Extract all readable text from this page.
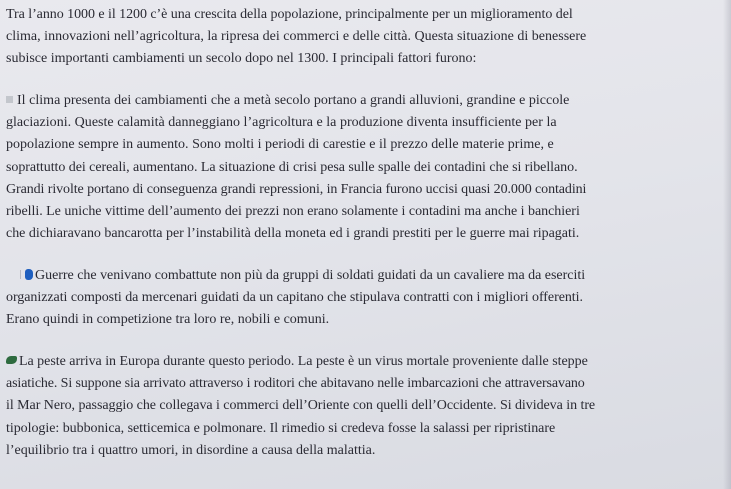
Tra l’anno 1000 e il 1200 c’è una crescita della popolazione, principalmente per un miglioramento del
clima, innovazioni nell’agricoltura, la ripresa dei commerci e delle città. Questa situazione di benessere
subisce importanti cambiamenti un secolo dopo nel 1300. I principali fattori furono:
Il clima presenta dei cambiamenti che a metà secolo portano a grandi alluvioni, grandine e piccole
glaciazioni. Queste calamità danneggiano l’agricoltura e la produzione diventa insufficiente per la
popolazione sempre in aumento. Sono molti i periodi di carestie e il prezzo delle materie prime, e
soprattutto dei cereali, aumentano. La situazione di crisi pesa sulle spalle dei contadini che si ribellano.
Grandi rivolte portano di conseguenza grandi repressioni, in Francia furono uccisi quasi 20.000 contadini
ribelli. Le uniche vittime dell’aumento dei prezzi non erano solamente i contadini ma anche i banchieri
che dichiaravano bancarotta per l’instabilità della moneta ed i grandi prestiti per le guerre mai ripagati.
Guerre che venivano combattute non più da gruppi di soldati guidati da un cavaliere ma da eserciti
organizzati composti da mercenari guidati da un capitano che stipulava contratti con i migliori offerenti.
Erano quindi in competizione tra loro re, nobili e comuni.
La peste arriva in Europa durante questo periodo. La peste è un virus mortale proveniente dalle steppe
asiatiche. Si suppone sia arrivato attraverso i roditori che abitavano nelle imbarcazioni che attraversavano
il Mar Nero, passaggio che collegava i commerci dell’Oriente con quelli dell’Occidente. Si divideva in tre
tipologie: bubbonica, setticemica e polmonare. Il rimedio si credeva fosse la salassi per ripristinare
l’equilibrio tra i quattro umori, in disordine a causa della malattia.
